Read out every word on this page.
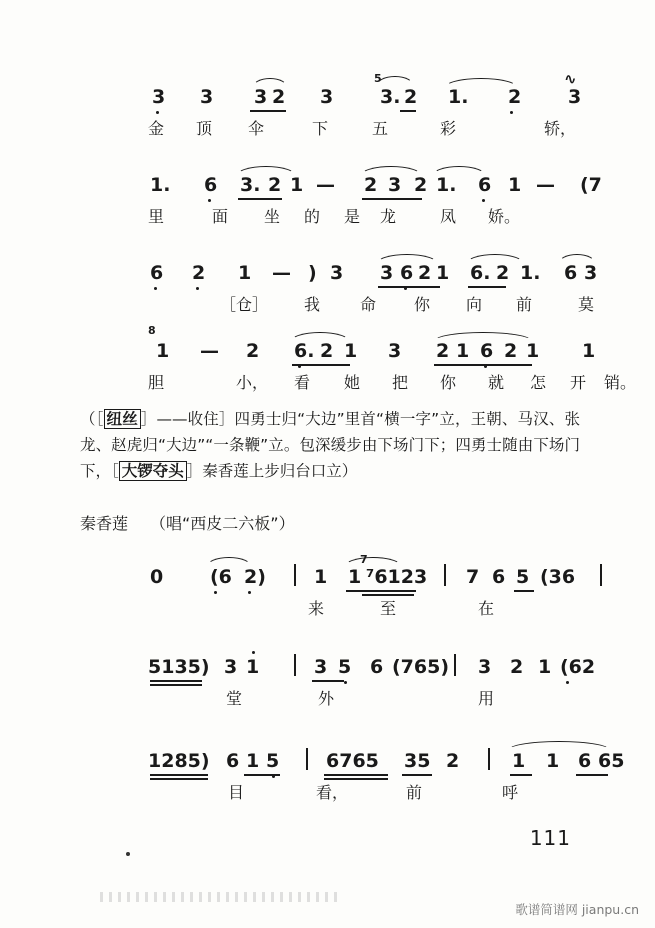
3 3 3 2 3 3. 2 1. 2 3
5	∿
金 顶 伞	下	五	彩	轿，
1. 6 3. 2 1 — 2 3 2 1. 6 1 — (7
里	面 坐 的 是 龙	凤 娇。
6 2 1 — ) 3 3 6 2 1 6. 2 1. 6 3
［仓］ 我 命 你 向 前	莫
1 — 2 6. 2 1 3 2 1 6 2 1 1
8
胆	小， 看 她 把 你 就 怎 开 销。
（［ 纽丝 ］——收住］四勇士归“大边”里首“横一字”立，王朝、马汉、张龙、赵虎归“大边”“一条鞭”立。包深缓步由下场门下；四勇士随由下场门下，［ 大锣夺头 ］秦香莲上步归台口立）
秦香莲 （唱“西皮二六板”）
0 (6 2)	1 1 ⁷6123 7 6 5 (36
7
来	至	在
5135) 3 1	3 5 6 (765) 3 2 1 (62
堂	外	用
1285) 6 1 5 6765 35 2	1 1 6 65
目	看，	前	呼
111
歌谱简谱网 jianpu.cn
